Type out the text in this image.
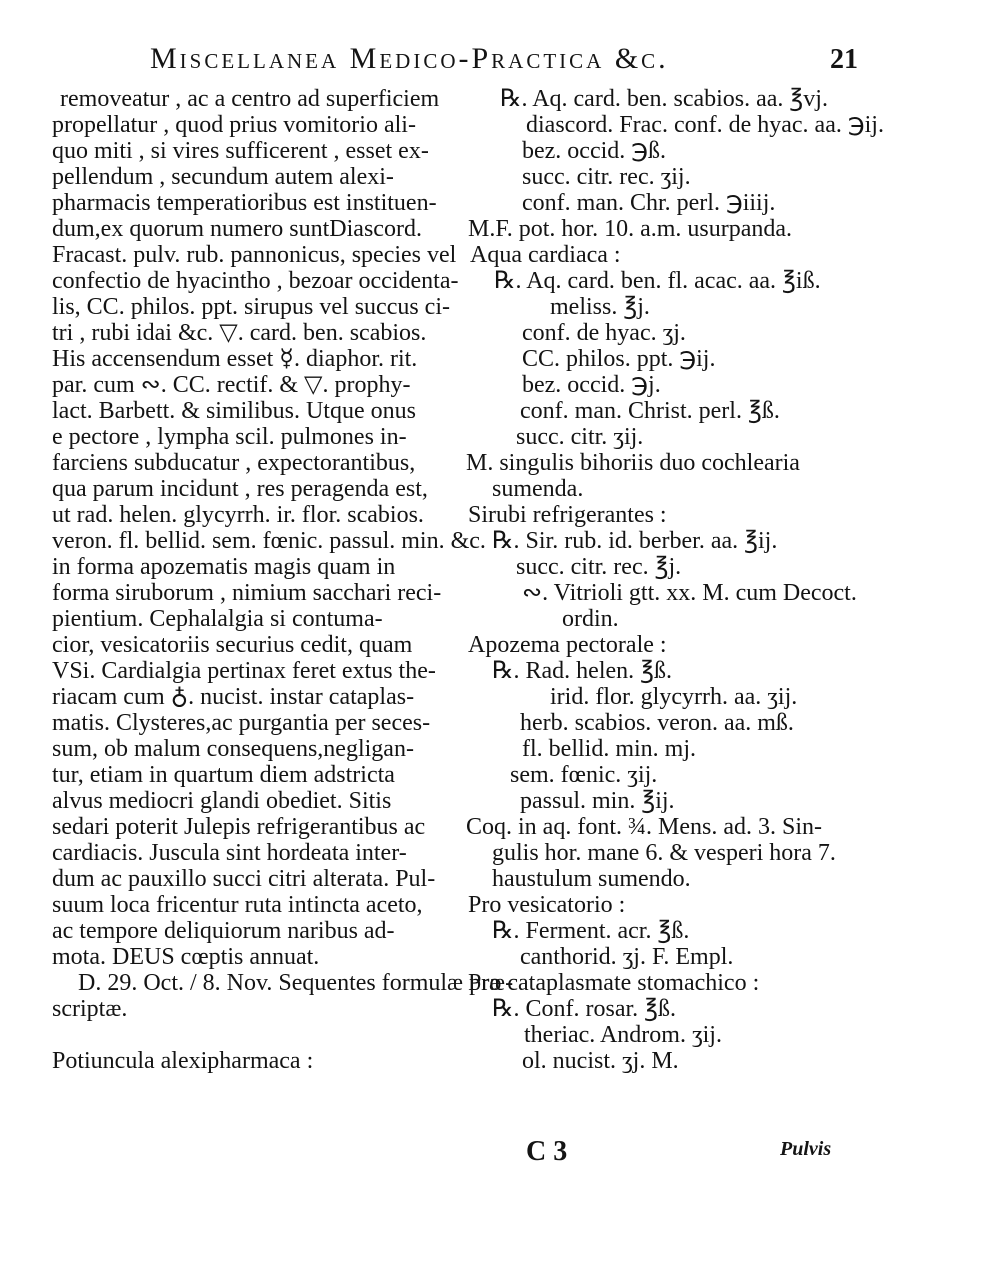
Miscellanea Medico-Practica &c.	21
removeatur , ac a centro ad superficiem
propellatur , quod prius vomitorio ali-
quo miti , si vires sufficerent , esset ex-
pellendum , secundum autem alexi-
pharmacis temperatioribus est instituen-
dum,ex quorum numero suntDiascord.
Fracast. pulv. rub. pannonicus, species vel
confectio de hyacintho , bezoar occidenta-
lis, CC. philos. ppt. sirupus vel succus ci-
tri , rubi idai &c. ▽. card. ben. scabios.
His accensendum esset ☿. diaphor. rit.
par. cum ∾. CC. rectif. & ▽. prophy-
lact. Barbett. & similibus. Utque onus
e pectore , lympha scil. pulmones in-
farciens subducatur , expectorantibus,
qua parum incidunt , res peragenda est,
ut rad. helen. glycyrrh. ir. flor. scabios.
veron. fl. bellid. sem. fœnic. passul. min. &c.
in forma apozematis magis quam in
forma siruborum , nimium sacchari reci-
pientium. Cephalalgia si contuma-
cior, vesicatoriis securius cedit, quam
VSi. Cardialgia pertinax feret extus the-
riacam cum ♁. nucist. instar cataplas-
matis. Clysteres,ac purgantia per seces-
sum, ob malum consequens,negligan-
tur, etiam in quartum diem adstricta
alvus mediocri glandi obediet. Sitis
sedari poterit Julepis refrigerantibus ac
cardiacis. Juscula sint hordeata inter-
dum ac pauxillo succi citri alterata. Pul-
suum loca fricentur ruta intincta aceto,
ac tempore deliquiorum naribus ad-
mota. DEUS cœptis annuat.
D. 29. Oct. / 8. Nov. Sequentes formulæ præ-
scriptæ.
Potiuncula alexipharmaca :
℞. Aq. card. ben. scabios. aa. ℥vj.
diascord. Frac. conf. de hyac. aa. ℈ij.
bez. occid. ℈ß.
succ. citr. rec. ʒij.
conf. man. Chr. perl. ℈iiij.
M.F. pot. hor. 10. a.m. usurpanda.
Aqua cardiaca :
℞. Aq. card. ben. fl. acac. aa. ℥iß.
meliss. ℥j.
conf. de hyac. ʒj.
CC. philos. ppt. ℈ij.
bez. occid. ℈j.
conf. man. Christ. perl. ℥ß.
succ. citr. ʒij.
M. singulis bihoriis duo cochlearia
sumenda.
Sirubi refrigerantes :
℞. Sir. rub. id. berber. aa. ℥ij.
succ. citr. rec. ℥j.
∾. Vitrioli gtt. xx. M. cum Decoct.
ordin.
Apozema pectorale :
℞. Rad. helen. ℥ß.
irid. flor. glycyrrh. aa. ʒij.
herb. scabios. veron. aa. mß.
fl. bellid. min. mj.
sem. fœnic. ʒij.
passul. min. ℥ij.
Coq. in aq. font. ¾. Mens. ad. 3. Sin-
gulis hor. mane 6. & vesperi hora 7.
haustulum sumendo.
Pro vesicatorio :
℞. Ferment. acr. ℥ß.
canthorid. ʒj. F. Empl.
Pro cataplasmate stomachico :
℞. Conf. rosar. ℥ß.
theriac. Androm. ʒij.
ol. nucist. ʒj. M.
C 3	Pulvis
